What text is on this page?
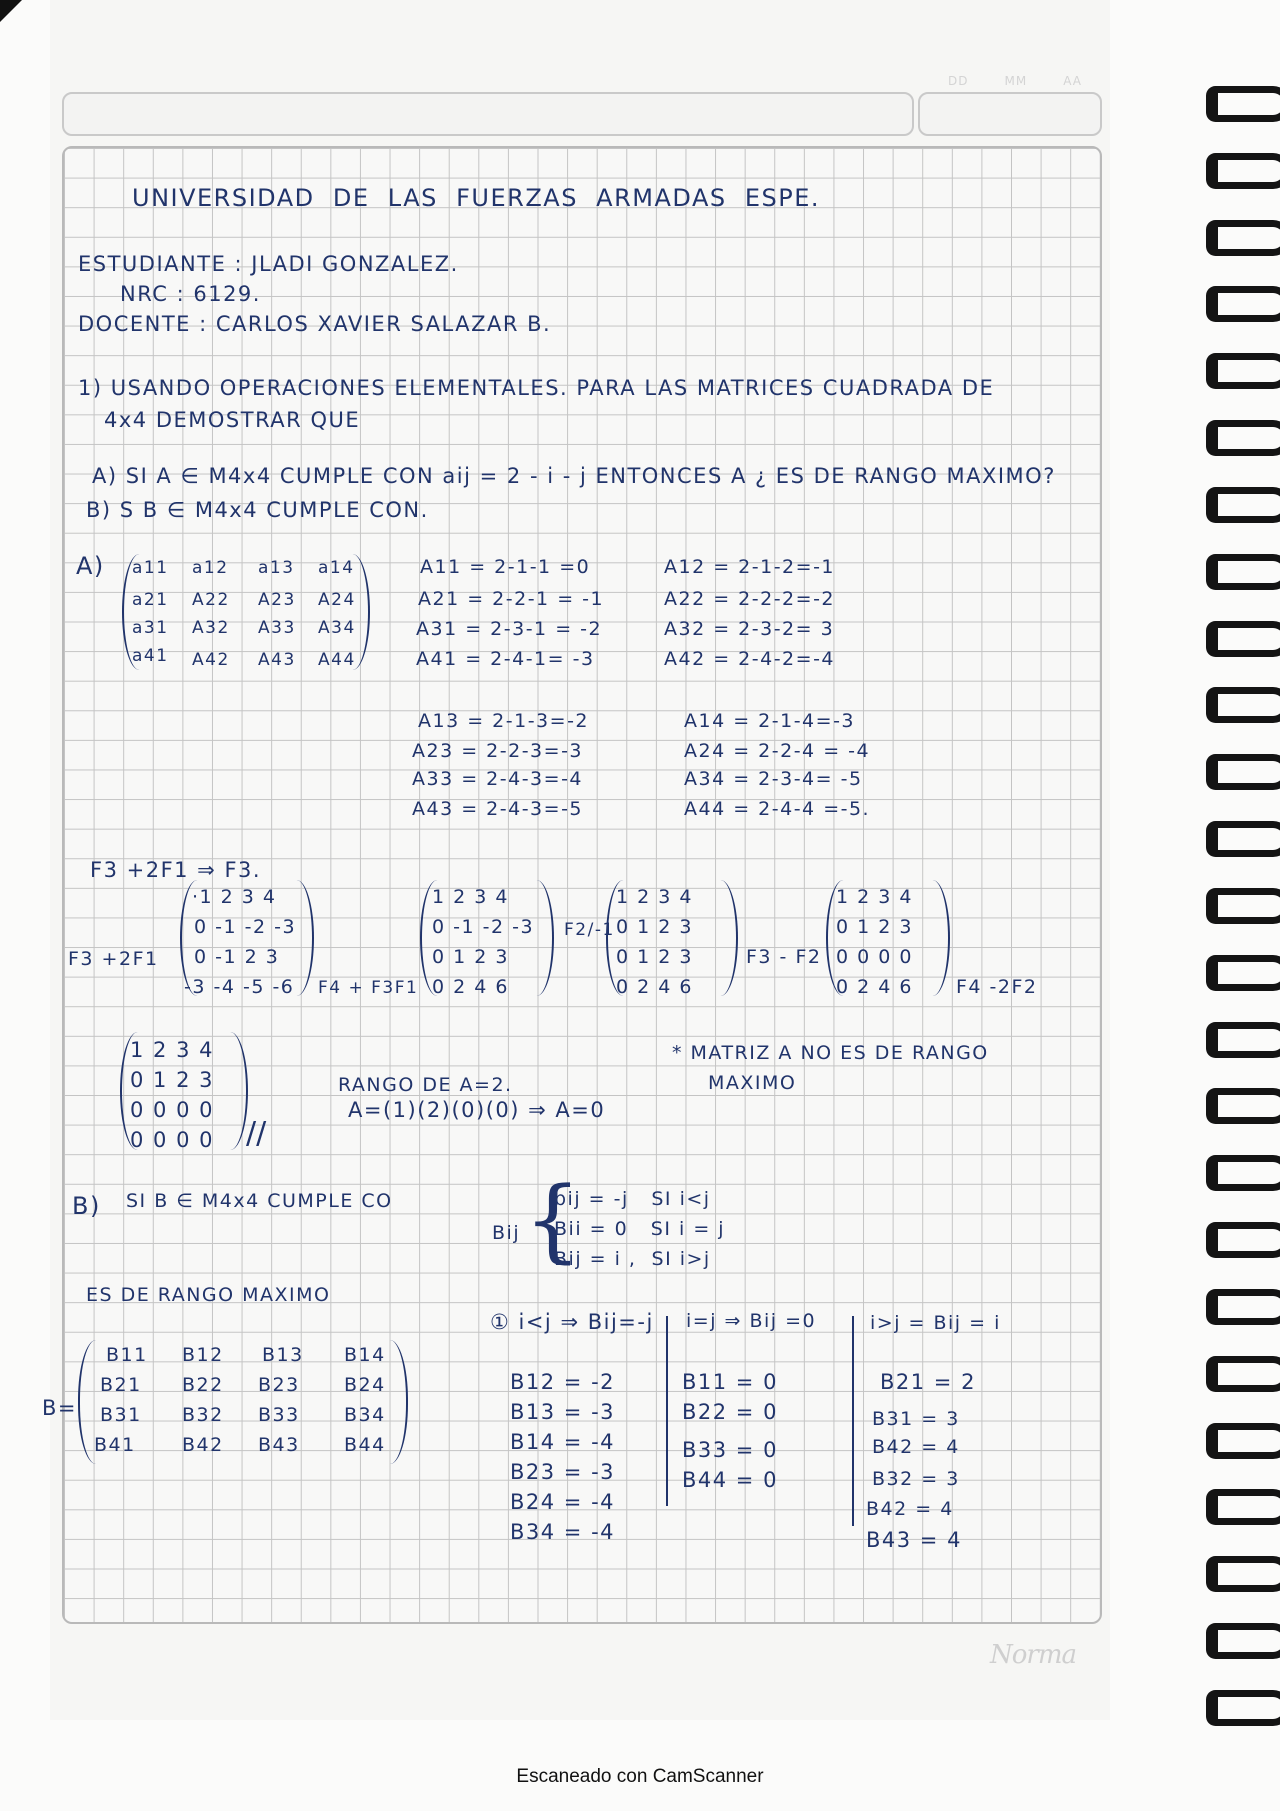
DD	MM	AA
UNIVERSIDAD  DE  LAS  FUERZAS  ARMADAS  ESPE.
ESTUDIANTE : JLADI GONZALEZ.
NRC : 6129.
DOCENTE : CARLOS XAVIER SALAZAR B.
1) USANDO OPERACIONES ELEMENTALES. PARA LAS MATRICES CUADRADA DE
4x4 DEMOSTRAR QUE
A) SI A ∈ M4x4 CUMPLE CON aij = 2 - i - j ENTONCES A ¿ ES DE RANGO MAXIMO?
B) S B ∈ M4x4 CUMPLE CON.
A) a11 a12 a13 a14
a21 A22 A23 A24
a31 A32 A33 A34
a41 A42 A43 A44
A11 = 2-1-1 =0
A21 = 2-2-1 = -1
A31 = 2-3-1 = -2
A41 = 2-4-1= -3
A12 = 2-1-2=-1
A22 = 2-2-2=-2
A32 = 2-3-2= 3
A42 = 2-4-2=-4
A13 = 2-1-3=-2
A23 = 2-2-3=-3
A33 = 2-4-3=-4
A43 = 2-4-3=-5
A14 = 2-1-4=-3
A24 = 2-2-4 = -4
A34 = 2-3-4= -5
A44 = 2-4-4 =-5.
F3 +2F1 ⇒ F3.
F3 +2F1
·1 2 3 4
0 -1 -2 -3
0 -1 2 3
-3 -4 -5 -6 F4 + F3F1
1 2 3 4
0 -1 -2 -3
0 1 2 3
0 2 4 6
F2/-1
1 2 3 4
0 1 2 3
0 1 2 3
0 2 4 6
F3 - F2
1 2 3 4
0 1 2 3
0 0 0 0
0 2 4 6 F4 -2F2
1 2 3 4
0 1 2 3
0 0 0 0
0 0 0 0 //
RANGO DE A=2.
A=(1)(2)(0)(0) ⇒ A=0
* MATRIZ A NO ES DE RANGO
MAXIMO
B) SI B ∈ M4x4 CUMPLE CO
Bij {
bij = -j   SI i<j
Bii = 0   SI i = j
Bij = i ,  SI i>j
ES DE RANGO MAXIMO
B=
B11 B12 B13 B14
B21 B22 B23 B24
B31 B32 B33 B34
B41 B42 B43 B44
① i<j ⇒ Bij=-j i=j ⇒ Bij =0	i>j = Bij = i
B12 = -2
B13 = -3
B14 = -4
B23 = -3
B24 = -4
B34 = -4
B11 = 0
B22 = 0
B33 = 0
B44 = 0
B21 = 2
B31 = 3
B42 = 4
B32 = 3
B42 = 4
B43 = 4
Norma
Escaneado con CamScanner
